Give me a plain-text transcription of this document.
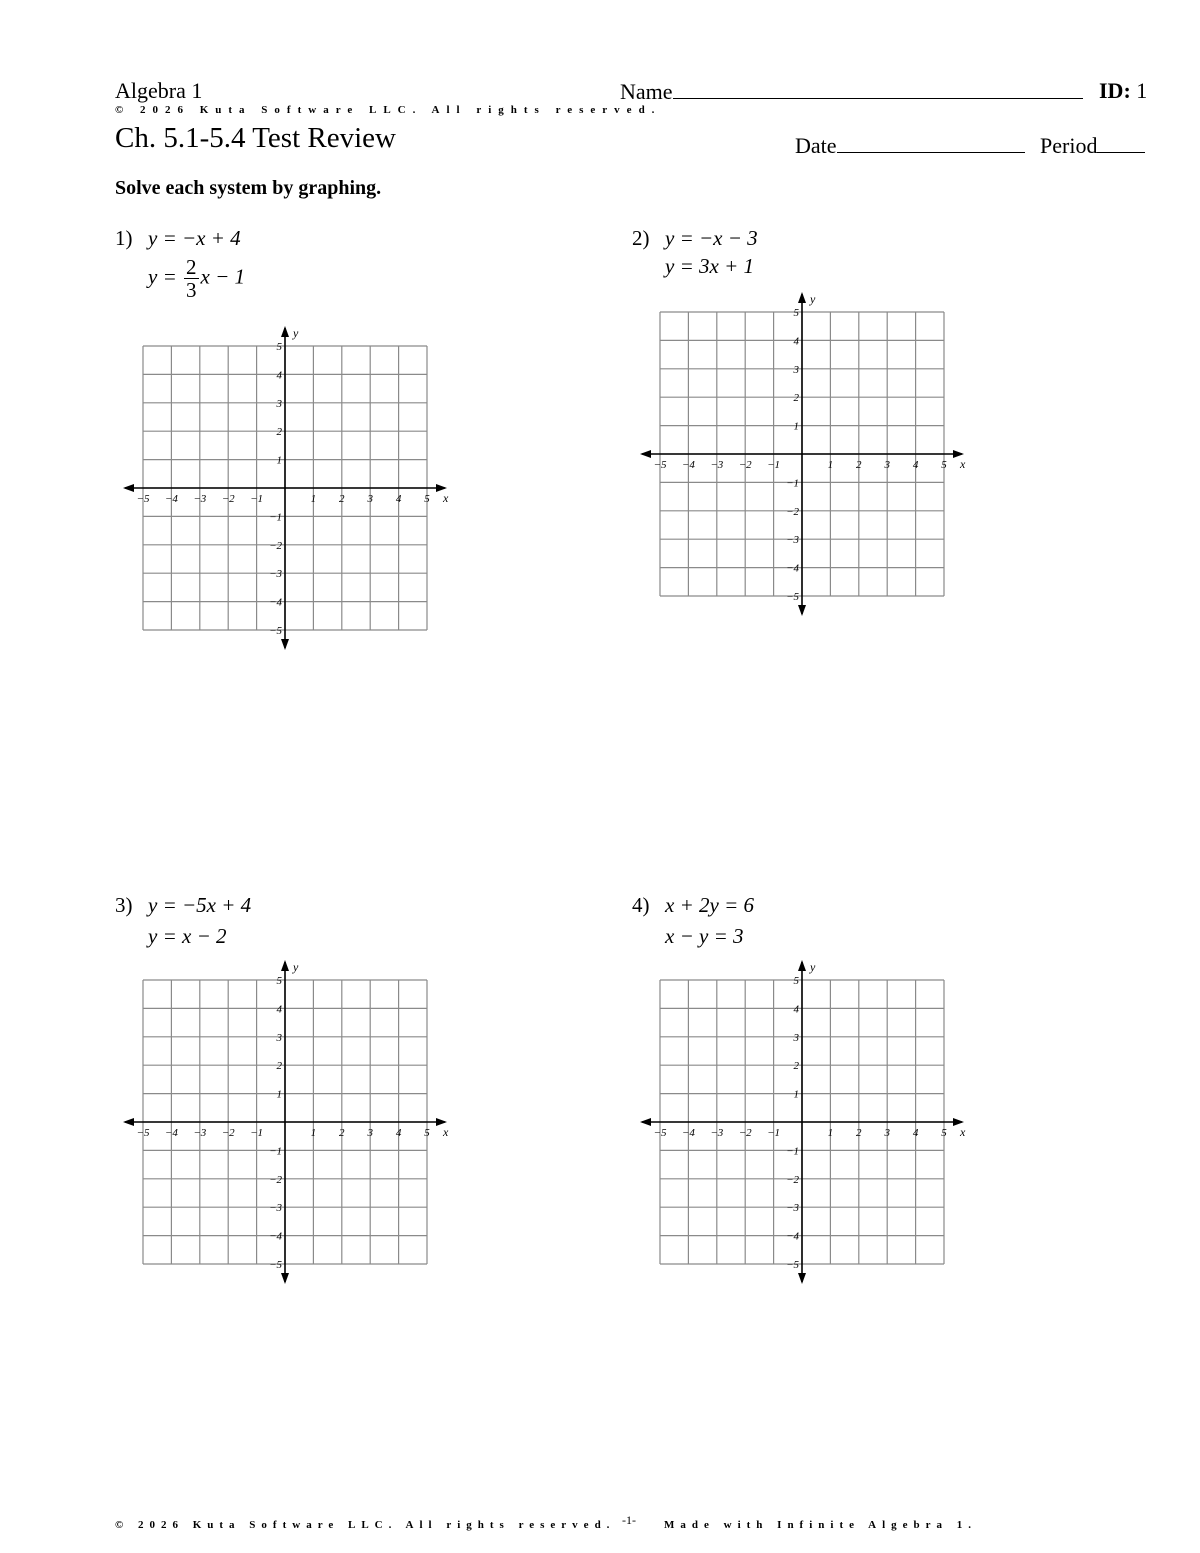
Algebra 1	Name	ID: 1
© 2026 Kuta Software LLC. All rights reserved.
Ch. 5.1-5.4 Test Review	Date	Period
Solve each system by graphing.
1) y = −x + 4
$y = \frac{2}{3}$ x − 1
2) y = −x − 3
y = 3x + 1
3) y = −5x + 4
y = x − 2
4) x + 2y = 6
x − y = 3
x
y
−5 −4 −3 −2 −1	1 2 3 4 5
5
4
3
2
1
−1
−2
−3
−4
−5
x
y
−5 −4 −3 −2 −1	1 2 3 4 5
5
4
3
2
1
−1
−2
−3
−4
−5
x
y
−5 −4 −3 −2 −1	1 2 3 4 5
5
4
3
2
1
−1
−2
−3
−4
−5
x
y
−5 −4 −3 −2 −1	1 2 3 4 5
5
4
3
2
1
−1
−2
−3
−4
−5
© 2026 Kuta Software LLC. All rights reserved. -1-	Made with Infinite Algebra 1.
